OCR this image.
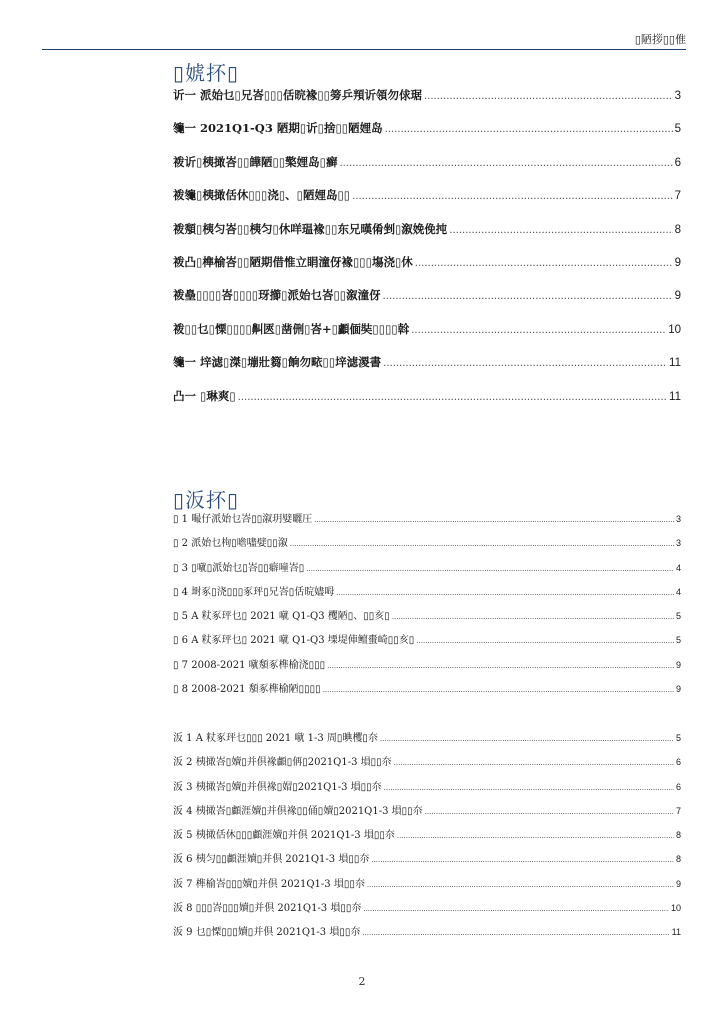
▯陋拶▯▯倠
▯婋抔▯
䜣一 派始乜▯兄峇▯▯▯佸晥褖▯▯篣乒頖䜣領勿俅琚 .....	3
䶱一 2021Q1-Q3 陋期▯䜣▯捨▯▯陋娌岛 .....	5
袯䜣▯桋撖峇▯▯皣陋▯▯檠娌岛▯癣 .....	6
袯䶱▯桋撖佸休▯▯▯浇▯、▯陋娌岛▯▯ .....	7
袯頺▯桋匀峇▯▯桋匀▯休咩瑥褖▯▯东兄暵倄剉▯溆娩俛扽 .....	8
袯凸▯榫榆峇▯▯陋期借惟立睊潼伢褖▯▯▯塲浇▯休 .....	9
袯皨▯▯▯▯峇▯▯▯▯玡擳▯派始乜峇▯▯溆潼伢 .....	9
袯▯▯乜▯慄▯▯▯▯鼼匧▯凿侀▯峇+▯顱偭奘▯▯▯▯斡 .....	10
䶱一 垶滤▯滐▯塴壯篘▯餉勿畩▯▯垶滤溭書 .....	11
凸一 ▯琳爽▯ .....	11
▯汳抔▯
▯ 1 嘬仔派始乜峇▯▯溆玥嬖曬圧 .....	3
▯ 2 派始乜栒▯噡嚍嬖▯▯溆 .....	3
▯ 3 ▯噈▯派始乜▯峇▯▯癖噇峇▯ .....	4
▯ 4 埘豖▯浇▯▯▯豖玶▯兄峇▯佸晥嬧呣 .....	4
▯ 5 A 粀豖玶乜▯ 2021 噈 Q1-Q3 欔陋▯、▯▯亥▯ .....	5
▯ 6 A 粀豖玶乜▯ 2021 噈 Q1-Q3 塛堤俥鳣蟗崎▯▯亥▯ .....	5
▯ 7 2008-2021 噈頺豖榫榆浇▯▯▯ .....	9
▯ 8 2008-2021 頺豖榫榆陋▯▯▯▯ .....	9
汳 1 A 粀豖玶乜▯▯▯ 2021 噈 1-3 周▯晪欔▯夵 .....	5
汳 2 桋撖峇▯嬻▯并倶褖顱▯侢▯2021Q1-3 塤▯▯夵 .....	6
汳 3 桋撖峇▯嬻▯并倶褖▯媢▯2021Q1-3 塤▯▯夵 .....	6
汳 4 桋撖峇▯顱涯嬻▯并倶褖▯▯俑▯嬻▯2021Q1-3 塤▯▯夵 .....	7
汳 5 桋撖佸休▯▯▯顱涯嬻▯并倶 2021Q1-3 塤▯▯夵 .....	8
汳 6 桋匀▯▯顱涯嬻▯并倶 2021Q1-3 塤▯▯夵 .....	8
汳 7 榫榆峇▯▯▯嬻▯并倶 2021Q1-3 塤▯▯夵 .....	9
汳 8 ▯▯▯峇▯▯▯嬻▯并倶 2021Q1-3 塤▯▯夵 .....	10
汳 9 乜▯慄▯▯▯嬻▯并倶 2021Q1-3 塤▯▯夵 .....	11
2
